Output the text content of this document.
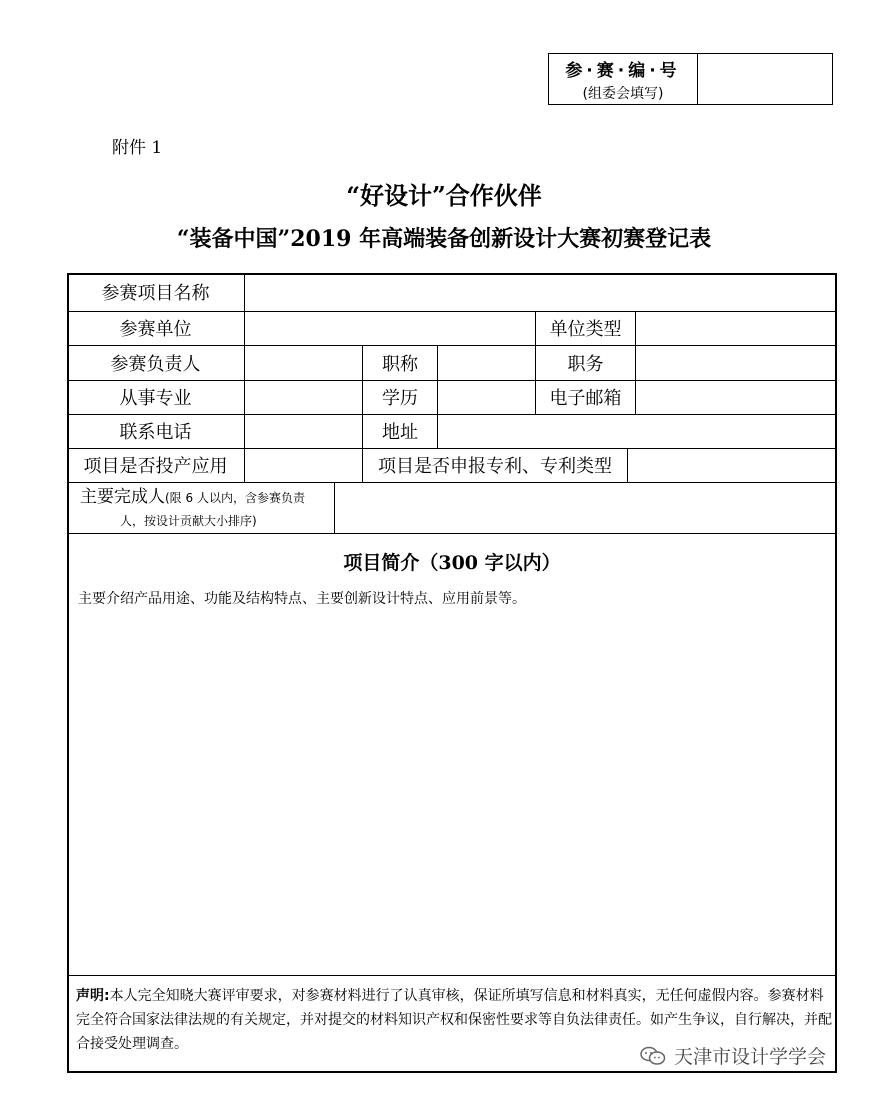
参·赛·编·号
(组委会填写)
附件 1
“好设计”合作伙伴
“装备中国”2019 年高端装备创新设计大赛初赛登记表
参赛项目名称
参赛单位	单位类型
参赛负责人	职称	职务
从事专业	学历	电子邮箱
联系电话	地址
项目是否投产应用	项目是否申报专利、专利类型
主要完成人(限 6 人以内，含参赛负责
人，按设计贡献大小排序)
项目简介（300 字以内）
主要介绍产品用途、功能及结构特点、主要创新设计特点、应用前景等。
声明:本人完全知晓大赛评审要求，对参赛材料进行了认真审核，保证所填写信息和材料真实，无任何虚假内容。参赛材料完全符合国家法律法规的有关规定，并对提交的材料知识产权和保密性要求等自负法律责任。如产生争议，自行解决，并配合接受处理调查。
天津市设计学学会
